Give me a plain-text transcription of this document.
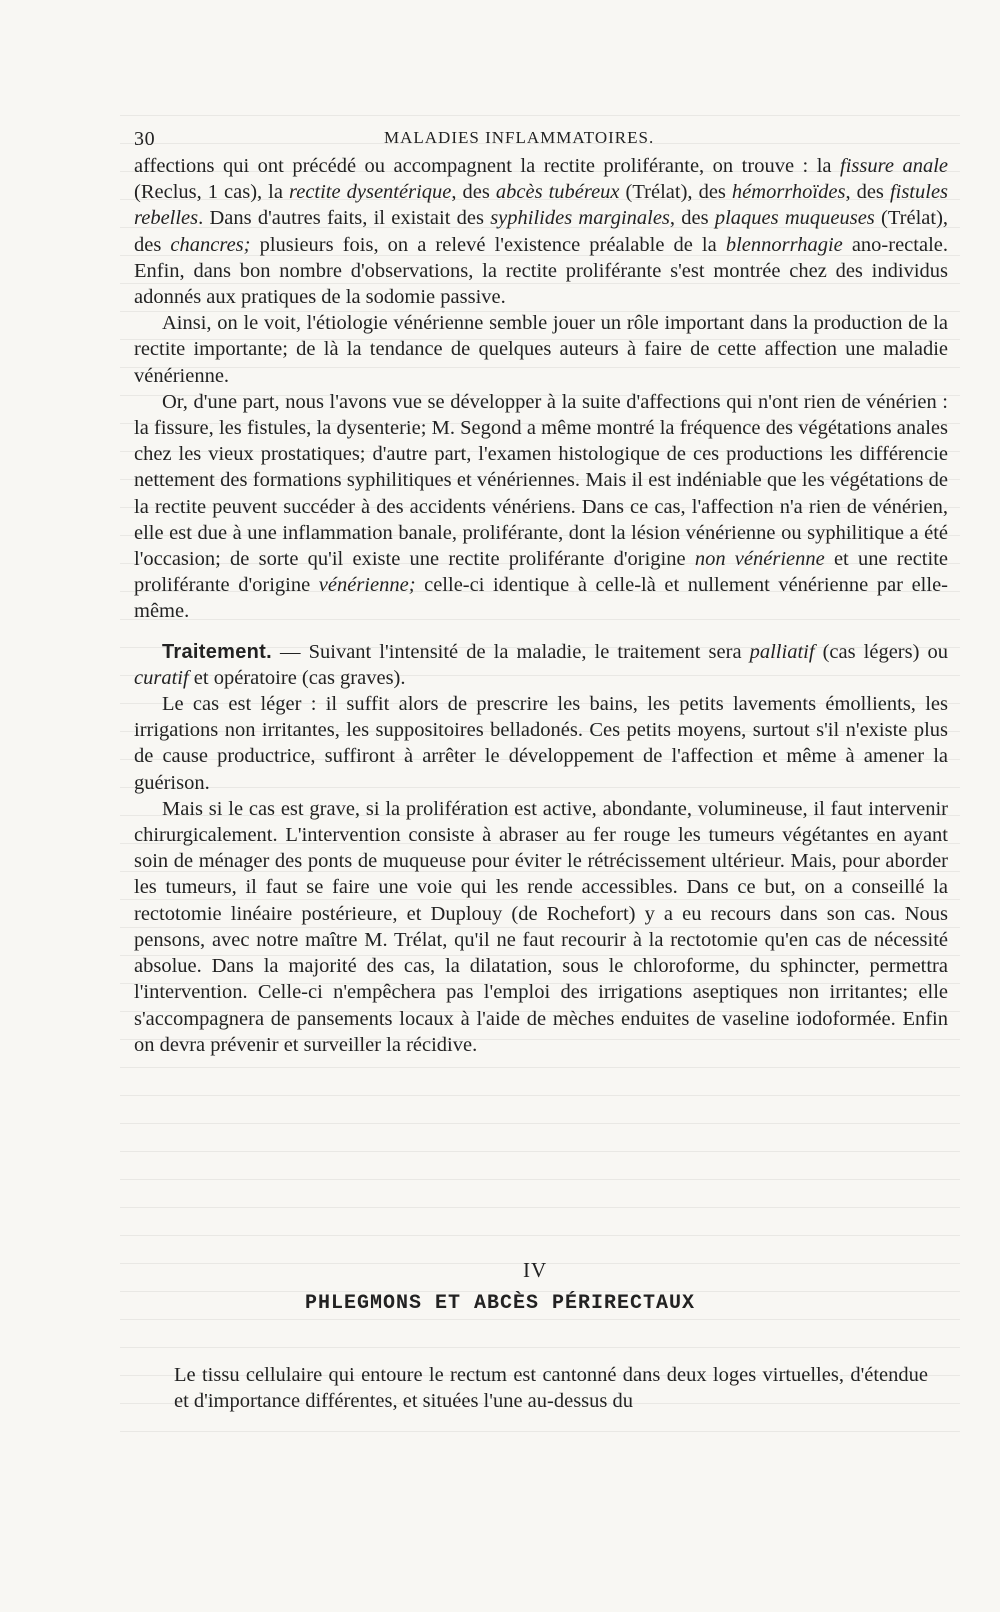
30	MALADIES INFLAMMATOIRES.

affections qui ont précédé ou accompagnent la rectite proliférante, on trouve : la fissure anale (Reclus, 1 cas), la rectite dysentérique, des abcès tubéreux (Trélat), des hémorrhoïdes, des fistules rebelles. Dans d'autres faits, il existait des syphilides marginales, des plaques muqueuses (Trélat), des chancres; plusieurs fois, on a relevé l'existence préalable de la blennorrhagie ano-rectale. Enfin, dans bon nombre d'observations, la rectite proliférante s'est montrée chez des individus adonnés aux pratiques de la sodomie passive.

Ainsi, on le voit, l'étiologie vénérienne semble jouer un rôle important dans la production de la rectite importante; de là la tendance de quelques auteurs à faire de cette affection une maladie vénérienne.

Or, d'une part, nous l'avons vue se développer à la suite d'affections qui n'ont rien de vénérien : la fissure, les fistules, la dysenterie; M. Segond a même montré la fréquence des végétations anales chez les vieux prostatiques; d'autre part, l'examen histologique de ces productions les différencie nettement des formations syphilitiques et vénériennes. Mais il est indéniable que les végétations de la rectite peuvent succéder à des accidents vénériens. Dans ce cas, l'affection n'a rien de vénérien, elle est due à une inflammation banale, proliférante, dont la lésion vénérienne ou syphilitique a été l'occasion; de sorte qu'il existe une rectite proliférante d'origine non vénérienne et une rectite proliférante d'origine vénérienne; celle-ci identique à celle-là et nullement vénérienne par elle-même.

Traitement. — Suivant l'intensité de la maladie, le traitement sera palliatif (cas légers) ou curatif et opératoire (cas graves).

Le cas est léger : il suffit alors de prescrire les bains, les petits lavements émollients, les irrigations non irritantes, les suppositoires belladonés. Ces petits moyens, surtout s'il n'existe plus de cause productrice, suffiront à arrêter le développement de l'affection et même à amener la guérison.

Mais si le cas est grave, si la prolifération est active, abondante, volumineuse, il faut intervenir chirurgicalement. L'intervention consiste à abraser au fer rouge les tumeurs végétantes en ayant soin de ménager des ponts de muqueuse pour éviter le rétrécissement ultérieur. Mais, pour aborder les tumeurs, il faut se faire une voie qui les rende accessibles. Dans ce but, on a conseillé la rectotomie linéaire postérieure, et Duplouy (de Rochefort) y a eu recours dans son cas. Nous pensons, avec notre maître M. Trélat, qu'il ne faut recourir à la rectotomie qu'en cas de nécessité absolue. Dans la majorité des cas, la dilatation, sous le chloroforme, du sphincter, permettra l'intervention. Celle-ci n'empêchera pas l'emploi des irrigations aseptiques non irritantes; elle s'accompagnera de pansements locaux à l'aide de mèches enduites de vaseline iodoformée. Enfin on devra prévenir et surveiller la récidive.

IV
PHLEGMONS ET ABCÈS PÉRIRECTAUX

Le tissu cellulaire qui entoure le rectum est cantonné dans deux loges virtuelles, d'étendue et d'importance différentes, et situées l'une au-dessus du
